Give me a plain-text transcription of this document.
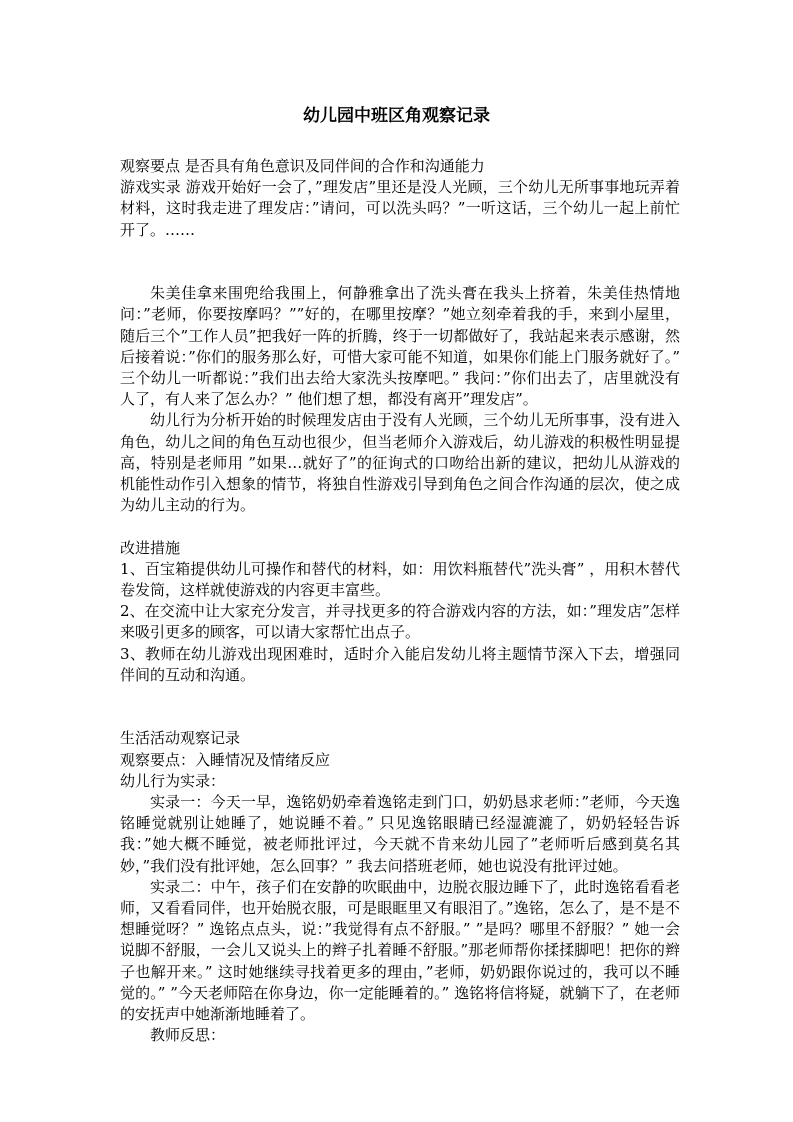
幼儿园中班区角观察记录

观察要点 是否具有角色意识及同伴间的合作和沟通能力

游戏实录 游戏开始好一会了，”理发店”里还是没人光顾，三个幼儿无所事事地玩弄着材料，这时我走进了理发店：”请问，可以洗头吗？”一听这话，三个幼儿一起上前忙开了。……

朱美佳拿来围兜给我围上，何静雅拿出了洗头膏在我头上挤着，朱美佳热情地问：”老师，你要按摩吗？””好的，在哪里按摩？”她立刻牵着我的手，来到小屋里，随后三个”工作人员”把我好一阵的折腾，终于一切都做好了，我站起来表示感谢，然后接着说：”你们的服务那么好，可惜大家可能不知道，如果你们能上门服务就好了。” 三个幼儿一听都说：”我们出去给大家洗头按摩吧。” 我问：”你们出去了，店里就没有人了，有人来了怎么办？” 他们想了想，都没有离开”理发店”。

幼儿行为分析开始的时候理发店由于没有人光顾，三个幼儿无所事事，没有进入角色，幼儿之间的角色互动也很少，但当老师介入游戏后，幼儿游戏的积极性明显提高，特别是老师用 ”如果…就好了”的征询式的口吻给出新的建议，把幼儿从游戏的机能性动作引入想象的情节，将独自性游戏引导到角色之间合作沟通的层次，使之成为幼儿主动的行为。

改进措施

1、百宝箱提供幼儿可操作和替代的材料，如：用饮料瓶替代”洗头膏” ，用积木替代卷发筒，这样就使游戏的内容更丰富些。

2、在交流中让大家充分发言，并寻找更多的符合游戏内容的方法，如：”理发店”怎样来吸引更多的顾客，可以请大家帮忙出点子。

3、教师在幼儿游戏出现困难时，适时介入能启发幼儿将主题情节深入下去，增强同伴间的互动和沟通。

生活活动观察记录

观察要点：入睡情况及情绪反应

幼儿行为实录：

实录一：今天一早，逸铭奶奶牵着逸铭走到门口，奶奶恳求老师：”老师，今天逸铭睡觉就别让她睡了，她说睡不着。” 只见逸铭眼睛已经湿漉漉了，奶奶轻轻告诉我：”她大概不睡觉，被老师批评过，今天就不肯来幼儿园了”老师听后感到莫名其妙，”我们没有批评她，怎么回事？” 我去问搭班老师，她也说没有批评过她。

实录二：中午，孩子们在安静的吹眠曲中，边脱衣服边睡下了，此时逸铭看看老师，又看看同伴，也开始脱衣服，可是眼眶里又有眼泪了。”逸铭，怎么了，是不是不想睡觉呀？” 逸铭点点头，说：”我觉得有点不舒服。” ”是吗？哪里不舒服？” 她一会说脚不舒服，一会儿又说头上的辫子扎着睡不舒服。”那老师帮你揉揉脚吧！把你的辫子也解开来。” 这时她继续寻找着更多的理由，”老师，奶奶跟你说过的，我可以不睡觉的。” ”今天老师陪在你身边，你一定能睡着的。” 逸铭将信将疑，就躺下了，在老师的安抚声中她渐渐地睡着了。

教师反思：
